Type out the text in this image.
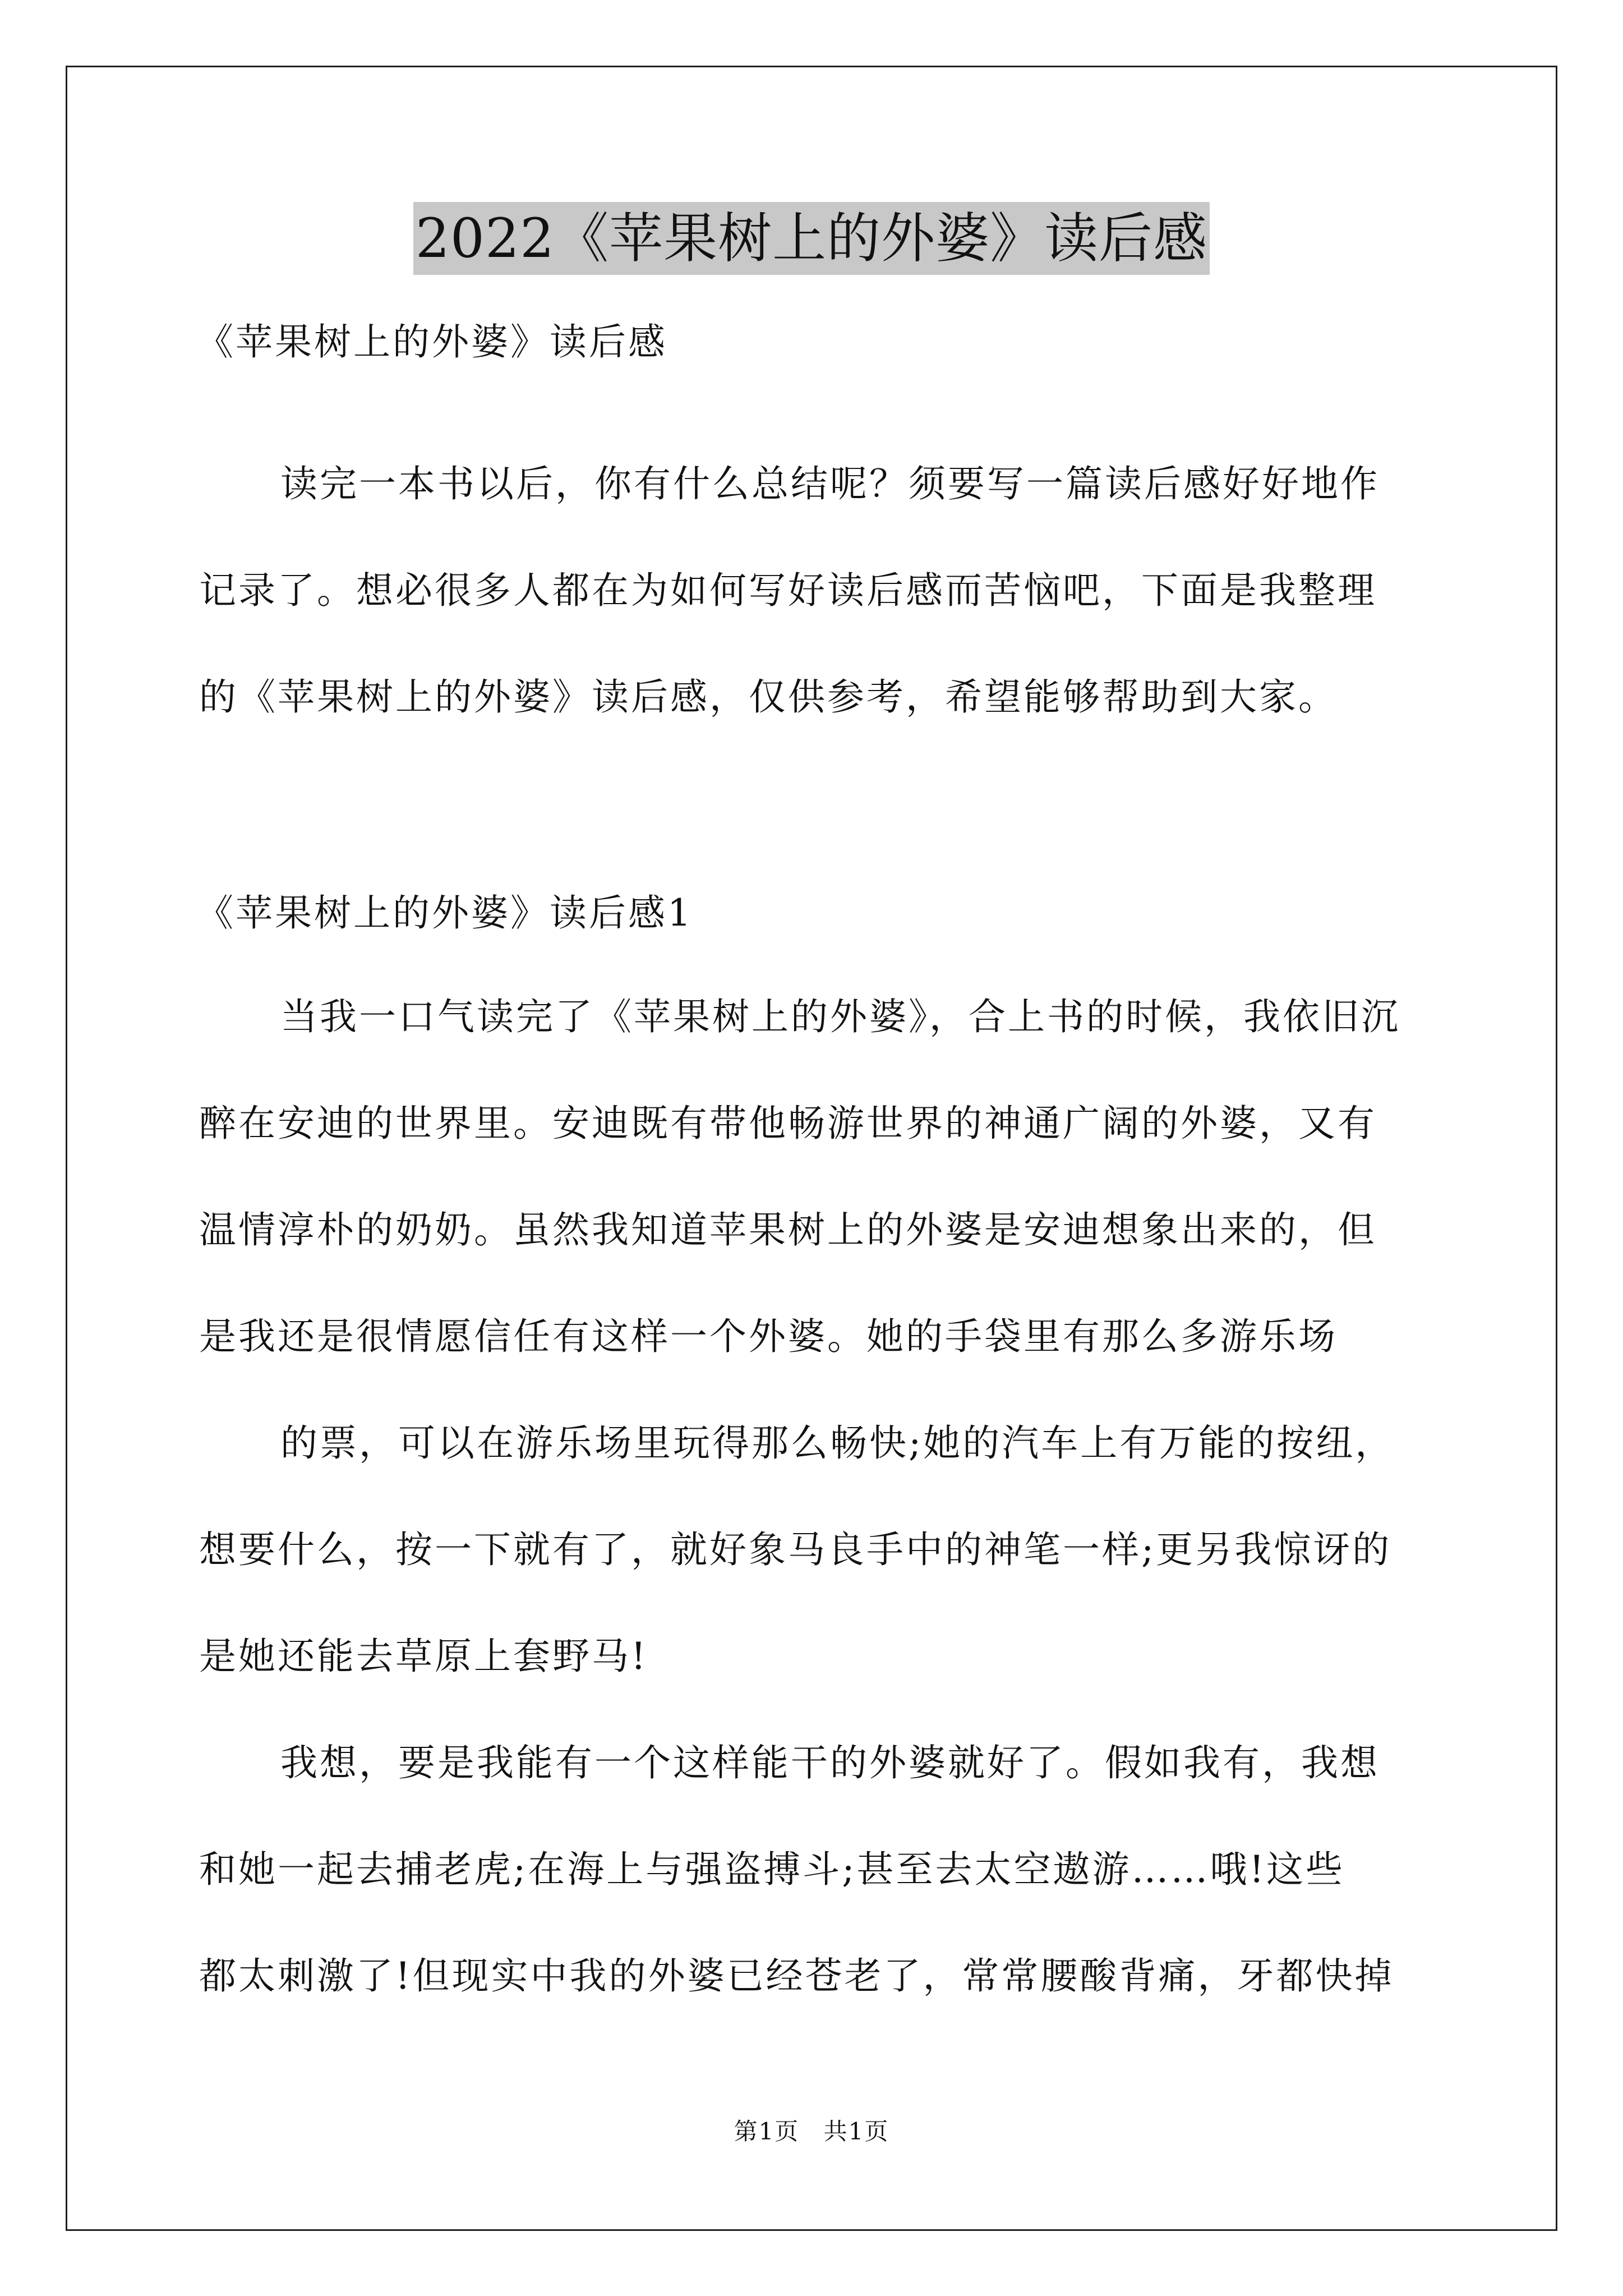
2022《苹果树上的外婆》读后感
《苹果树上的外婆》读后感
读完一本书以后，你有什么总结呢？须要写一篇读后感好好地作
记录了。想必很多人都在为如何写好读后感而苦恼吧，下面是我整理
的《苹果树上的外婆》读后感，仅供参考，希望能够帮助到大家。
《苹果树上的外婆》读后感1
当我一口气读完了《苹果树上的外婆》，合上书的时候，我依旧沉
醉在安迪的世界里。安迪既有带他畅游世界的神通广阔的外婆，又有
温情淳朴的奶奶。虽然我知道苹果树上的外婆是安迪想象出来的，但
是我还是很情愿信任有这样一个外婆。她的手袋里有那么多游乐场
的票，可以在游乐场里玩得那么畅快;她的汽车上有万能的按纽，
想要什么，按一下就有了，就好象马良手中的神笔一样;更另我惊讶的
是她还能去草原上套野马!
我想，要是我能有一个这样能干的外婆就好了。假如我有，我想
和她一起去捕老虎;在海上与强盗搏斗;甚至去太空遨游……哦!这些
都太刺激了!但现实中我的外婆已经苍老了，常常腰酸背痛，牙都快掉
第1页 共1页
